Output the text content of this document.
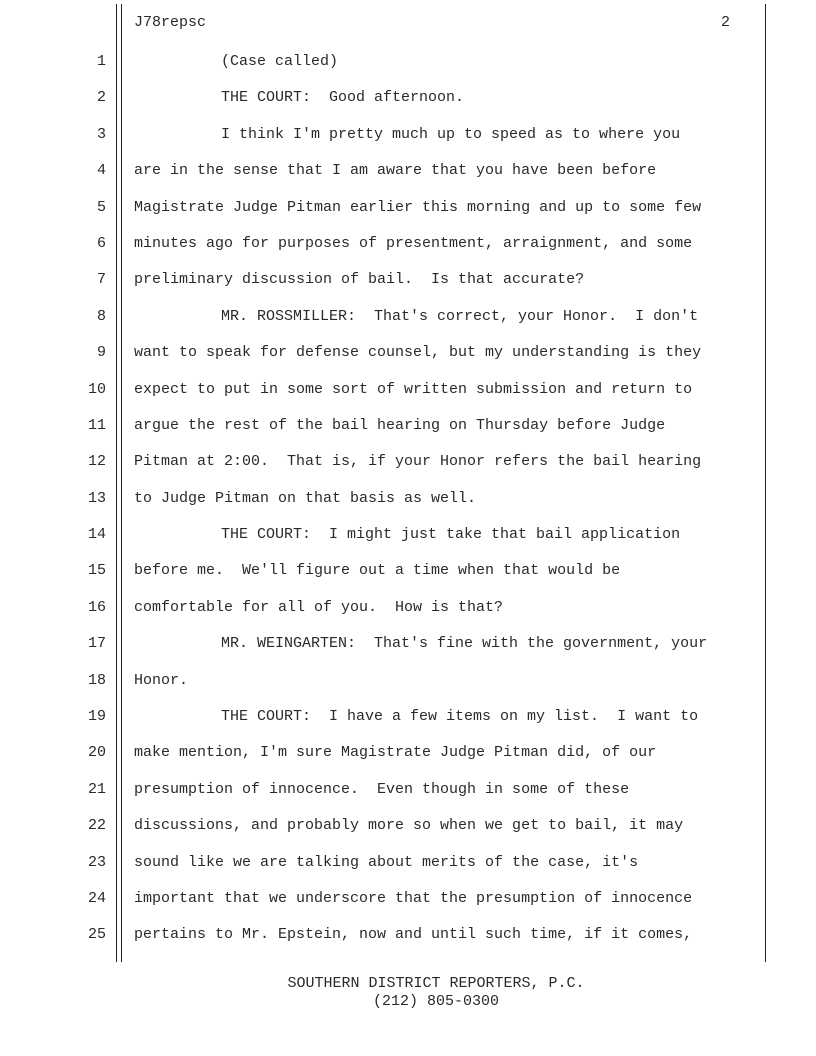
J78repsc	2
1	(Case called)
2	THE COURT:  Good afternoon.
3	I think I'm pretty much up to speed as to where you
4 are in the sense that I am aware that you have been before
5 Magistrate Judge Pitman earlier this morning and up to some few
6 minutes ago for purposes of presentment, arraignment, and some
7 preliminary discussion of bail.  Is that accurate?
8	MR. ROSSMILLER:  That's correct, your Honor.  I don't
9 want to speak for defense counsel, but my understanding is they
10 expect to put in some sort of written submission and return to
11 argue the rest of the bail hearing on Thursday before Judge
12 Pitman at 2:00.  That is, if your Honor refers the bail hearing
13 to Judge Pitman on that basis as well.
14	THE COURT:  I might just take that bail application
15 before me.  We'll figure out a time when that would be
16 comfortable for all of you.  How is that?
17	MR. WEINGARTEN:  That's fine with the government, your
18 Honor.
19	THE COURT:  I have a few items on my list.  I want to
20 make mention, I'm sure Magistrate Judge Pitman did, of our
21 presumption of innocence.  Even though in some of these
22 discussions, and probably more so when we get to bail, it may
23 sound like we are talking about merits of the case, it's
24 important that we underscore that the presumption of innocence
25 pertains to Mr. Epstein, now and until such time, if it comes,
SOUTHERN DISTRICT REPORTERS, P.C.
(212) 805-0300
